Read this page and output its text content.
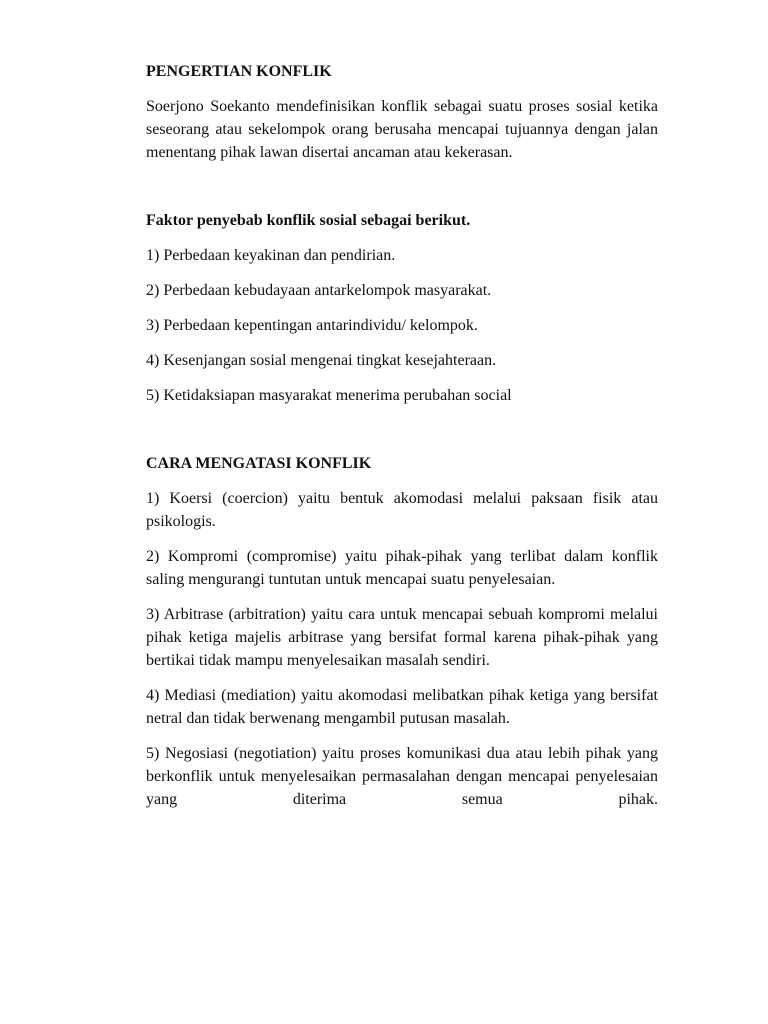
PENGERTIAN KONFLIK

Soerjono Soekanto mendefinisikan konflik sebagai suatu proses sosial ketika seseorang atau sekelompok orang berusaha mencapai tujuannya dengan jalan menentang pihak lawan disertai ancaman atau kekerasan.

Faktor penyebab konflik sosial sebagai berikut.

1) Perbedaan keyakinan dan pendirian.

2) Perbedaan kebudayaan antarkelompok masyarakat.

3) Perbedaan kepentingan antarindividu/ kelompok.

4) Kesenjangan sosial mengenai tingkat kesejahteraan.

5) Ketidaksiapan masyarakat menerima perubahan social

CARA MENGATASI KONFLIK

1) Koersi (coercion) yaitu bentuk akomodasi melalui paksaan fisik atau psikologis.

2) Kompromi (compromise) yaitu pihak-pihak yang terlibat dalam konflik saling mengurangi tuntutan untuk mencapai suatu penyelesaian.

3) Arbitrase (arbitration) yaitu cara untuk mencapai sebuah kompromi melalui pihak ketiga majelis arbitrase yang bersifat formal karena pihak-pihak yang bertikai tidak mampu menyelesaikan masalah sendiri.

4) Mediasi (mediation) yaitu akomodasi melibatkan pihak ketiga yang bersifat netral dan tidak berwenang mengambil putusan masalah.

5) Negosiasi (negotiation) yaitu proses komunikasi dua atau lebih pihak yang berkonflik untuk menyelesaikan permasalahan dengan mencapai penyelesaian yang diterima semua pihak.
